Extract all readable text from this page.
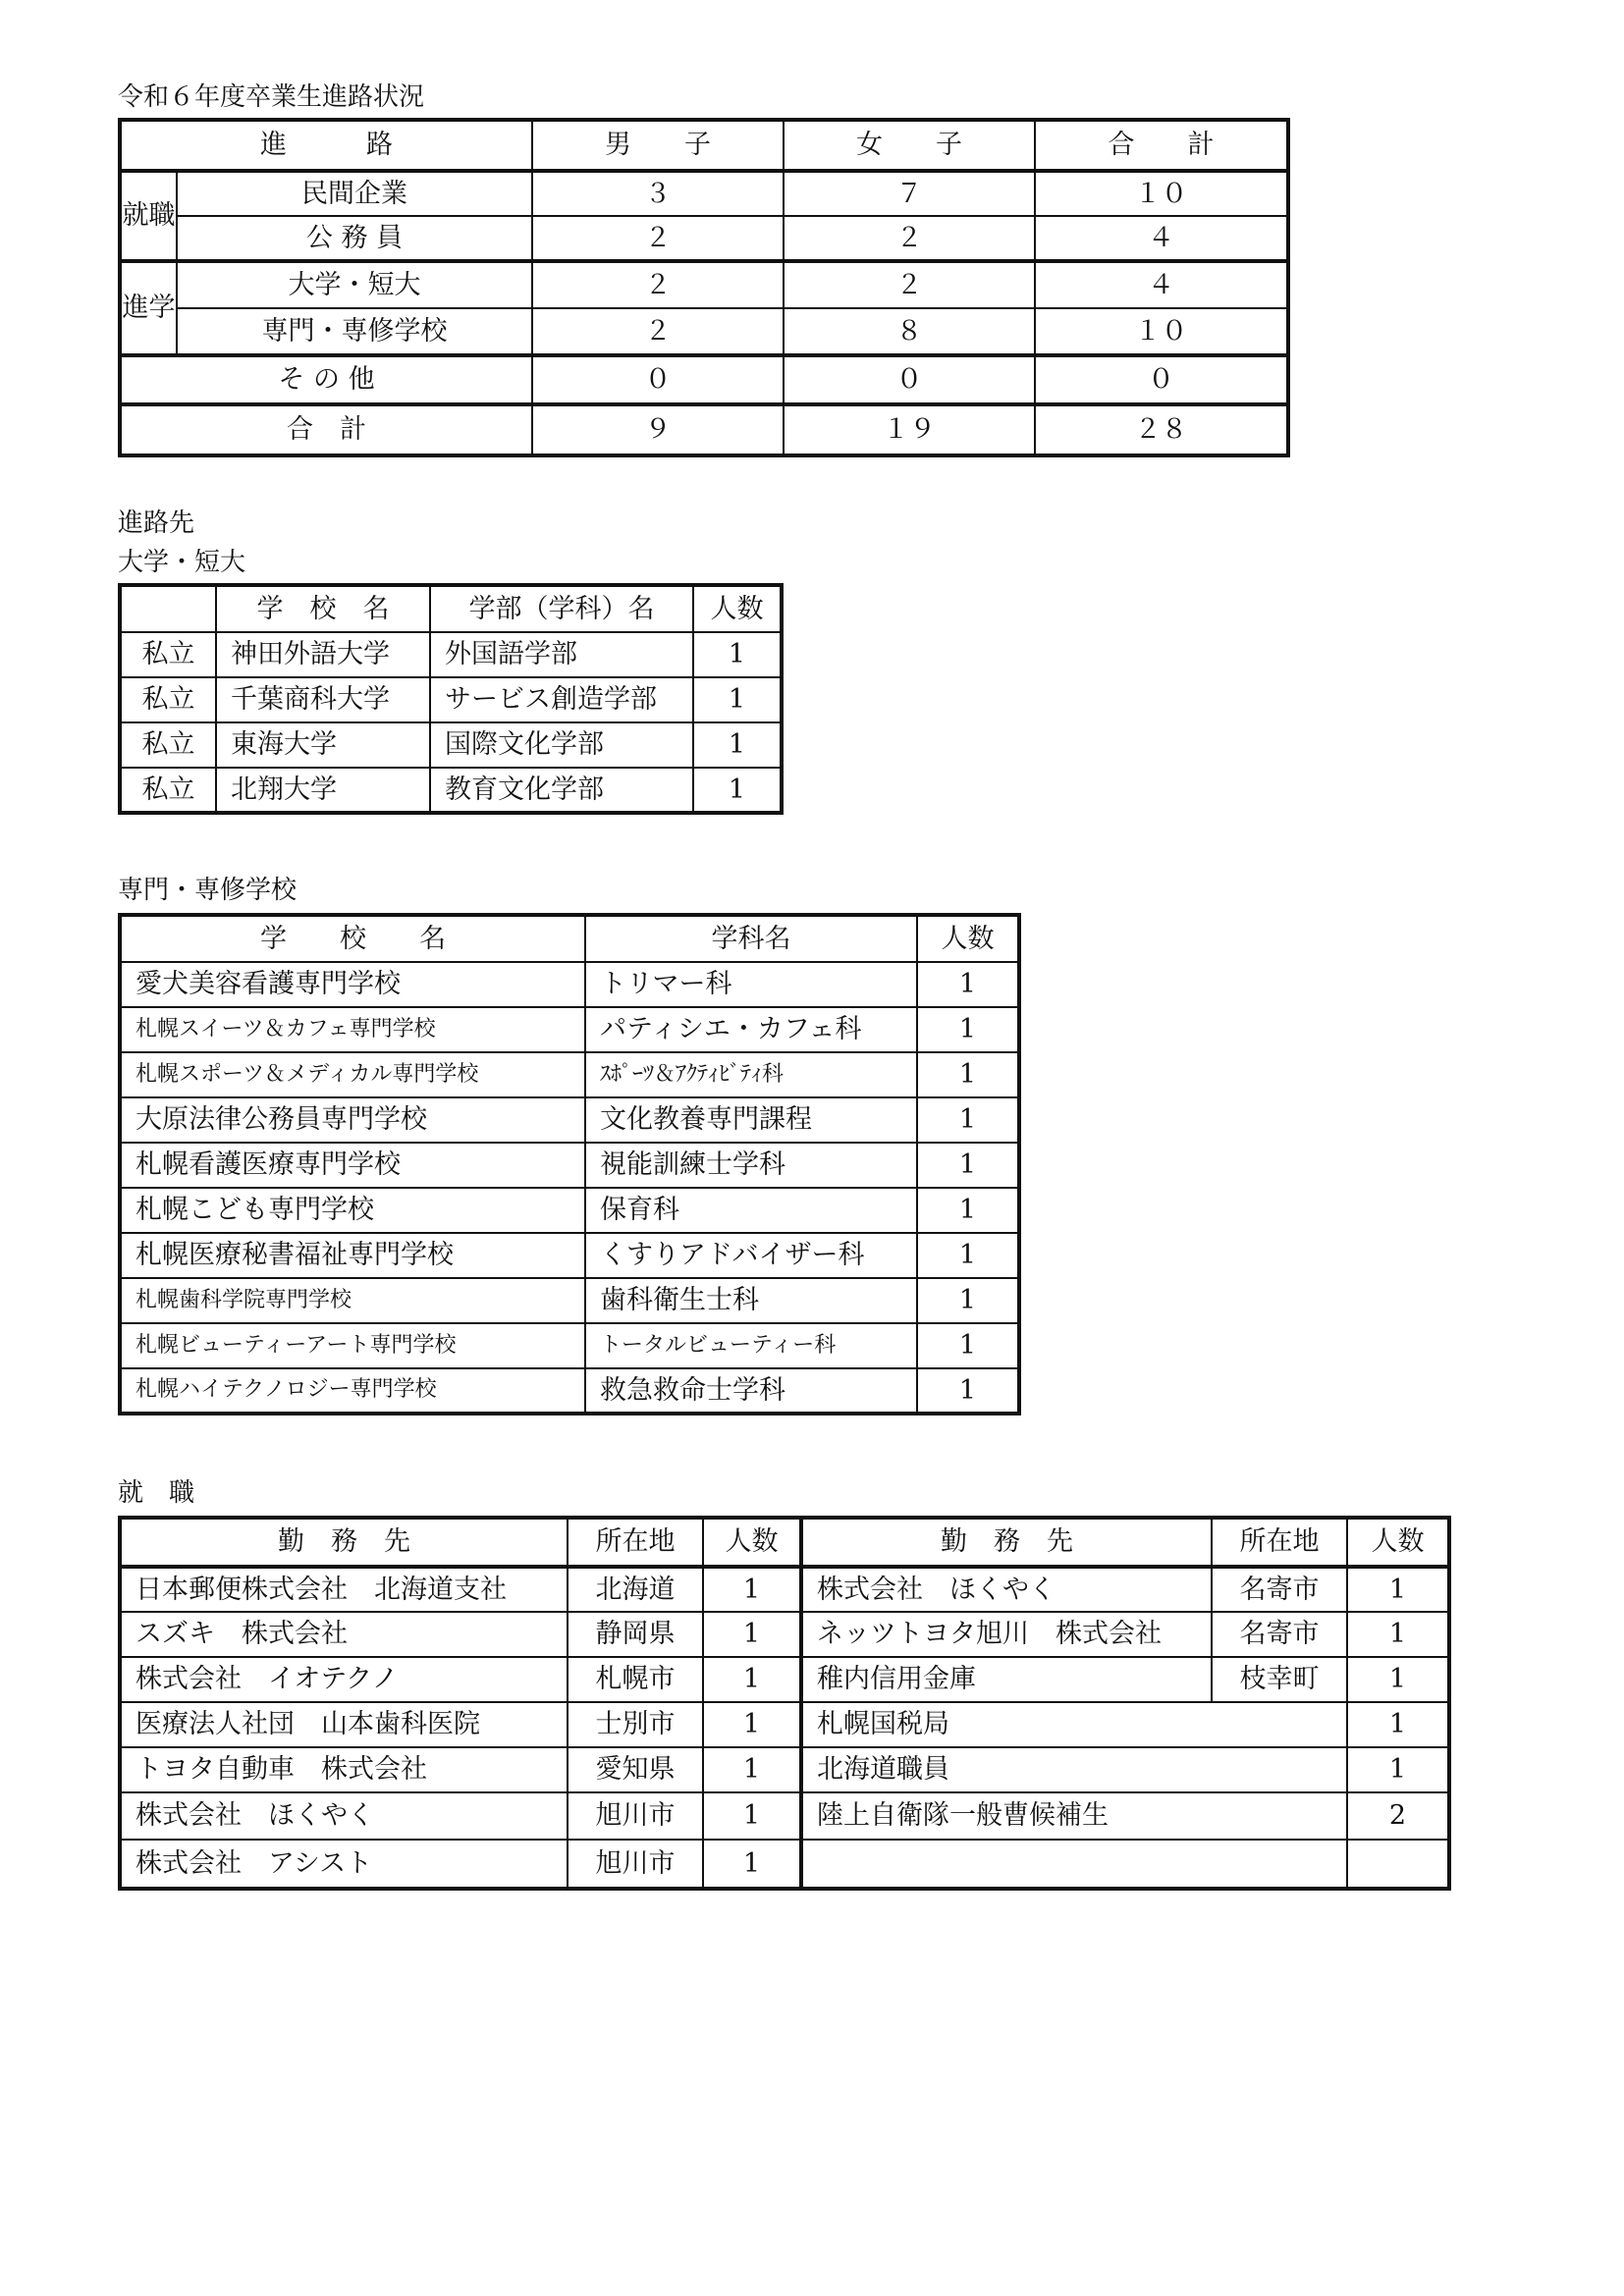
令和６年度卒業生進路状況
進　　　路		男　　子	女　　子	合　　計
就職	民間企業	３	７	１０
	公 務 員	２	２	４
進学	大学・短大	２	２	４
	専門・専修学校	２	８	１０
そ の 他		０	０	０
合　計		９	１９	２８
進路先
大学・短大
	学　校　名	学部（学科）名	人数
私立	神田外語大学	外国語学部	1
私立	千葉商科大学	サービス創造学部	1
私立	東海大学	国際文化学部	1
私立	北翔大学	教育文化学部	1
専門・専修学校
学　　校　　名	学科名	人数
愛犬美容看護専門学校	トリマー科	1
札幌スイーツ＆カフェ専門学校	パティシエ・カフェ科	1
札幌スポーツ＆メディカル専門学校	ｽﾎﾟｰﾂ＆ｱｸﾃｨﾋﾞﾃｨ科	1
大原法律公務員専門学校	文化教養専門課程	1
札幌看護医療専門学校	視能訓練士学科	1
札幌こども専門学校	保育科	1
札幌医療秘書福祉専門学校	くすりアドバイザー科	1
札幌歯科学院専門学校	歯科衛生士科	1
札幌ビューティーアート専門学校	トータルビューティー科	1
札幌ハイテクノロジー専門学校	救急救命士学科	1
就　職
勤　務　先	所在地	人数	勤　務　先	所在地	人数
日本郵便株式会社　北海道支社	北海道	1	株式会社　ほくやく	名寄市	1
スズキ　株式会社	静岡県	1	ネッツトヨタ旭川　株式会社	名寄市	1
株式会社　イオテクノ	札幌市	1	稚内信用金庫	枝幸町	1
医療法人社団　山本歯科医院	士別市	1	札幌国税局		1
トヨタ自動車　株式会社	愛知県	1	北海道職員		1
株式会社　ほくやく	旭川市	1	陸上自衛隊一般曹候補生		2
株式会社　アシスト	旭川市	1			
